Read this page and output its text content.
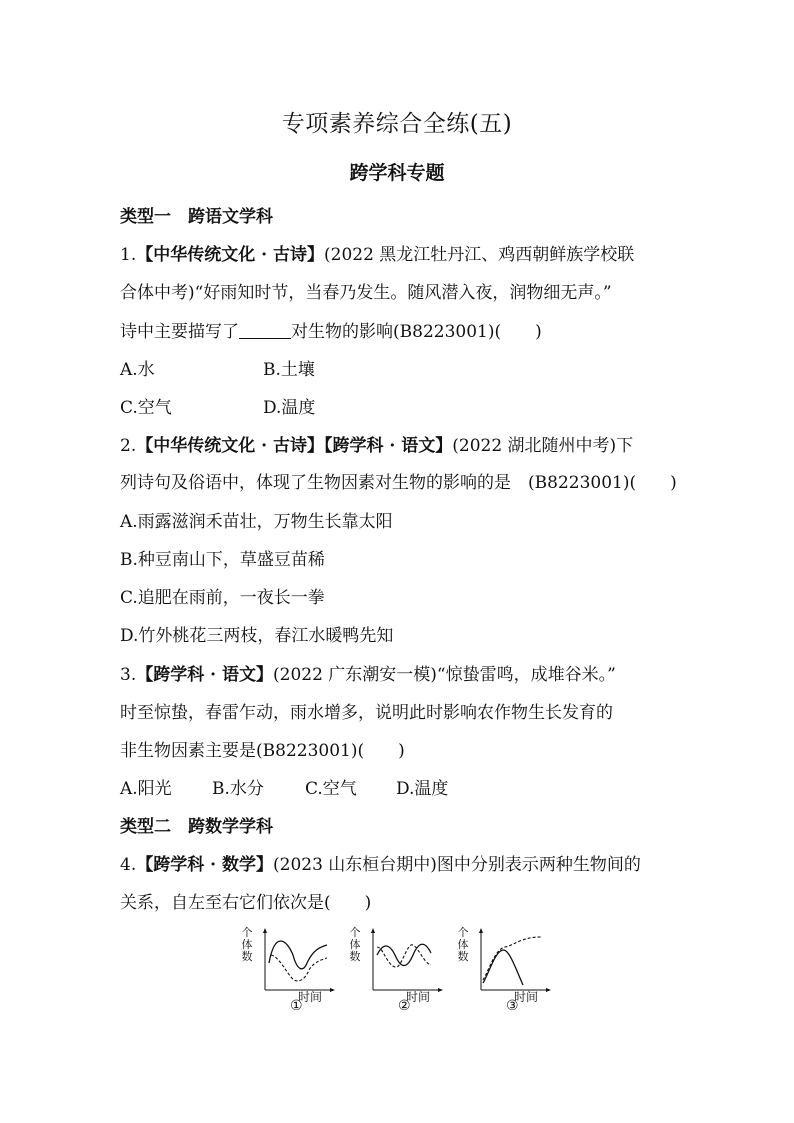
专项素养综合全练(五)
跨学科专题
类型一　跨语文学科
1.【中华传统文化 · 古诗】(2022 黑龙江牡丹江、鸡西朝鲜族学校联
合体中考)“好雨知时节，当春乃发生。随风潜入夜，润物细无声。”
诗中主要描写了	对生物的影响(B8223001)(　　)
A.水	B.土壤
C.空气	D.温度
2.【中华传统文化 · 古诗】【跨学科 · 语文】(2022 湖北随州中考)下
列诗句及俗语中，体现了生物因素对生物的影响的是　(B8223001)(　　)
A.雨露滋润禾苗壮，万物生长靠太阳
B.种豆南山下，草盛豆苗稀
C.追肥在雨前，一夜长一拳
D.竹外桃花三两枝，春江水暖鸭先知
3.【跨学科 · 语文】(2022 广东潮安一模)“惊蛰雷鸣，成堆谷米。”
时至惊蛰，春雷乍动，雨水增多，说明此时影响农作物生长发育的
非生物因素主要是(B8223001)(　　)
A.阳光 B.水分 C.空气 D.温度
类型二　跨数学学科
4.【跨学科 · 数学】(2023 山东桓台期中)图中分别表示两种生物间的
关系，自左至右它们依次是(　　)
个体数
时间
①
个体数
时间
②
个体数
时间
③
